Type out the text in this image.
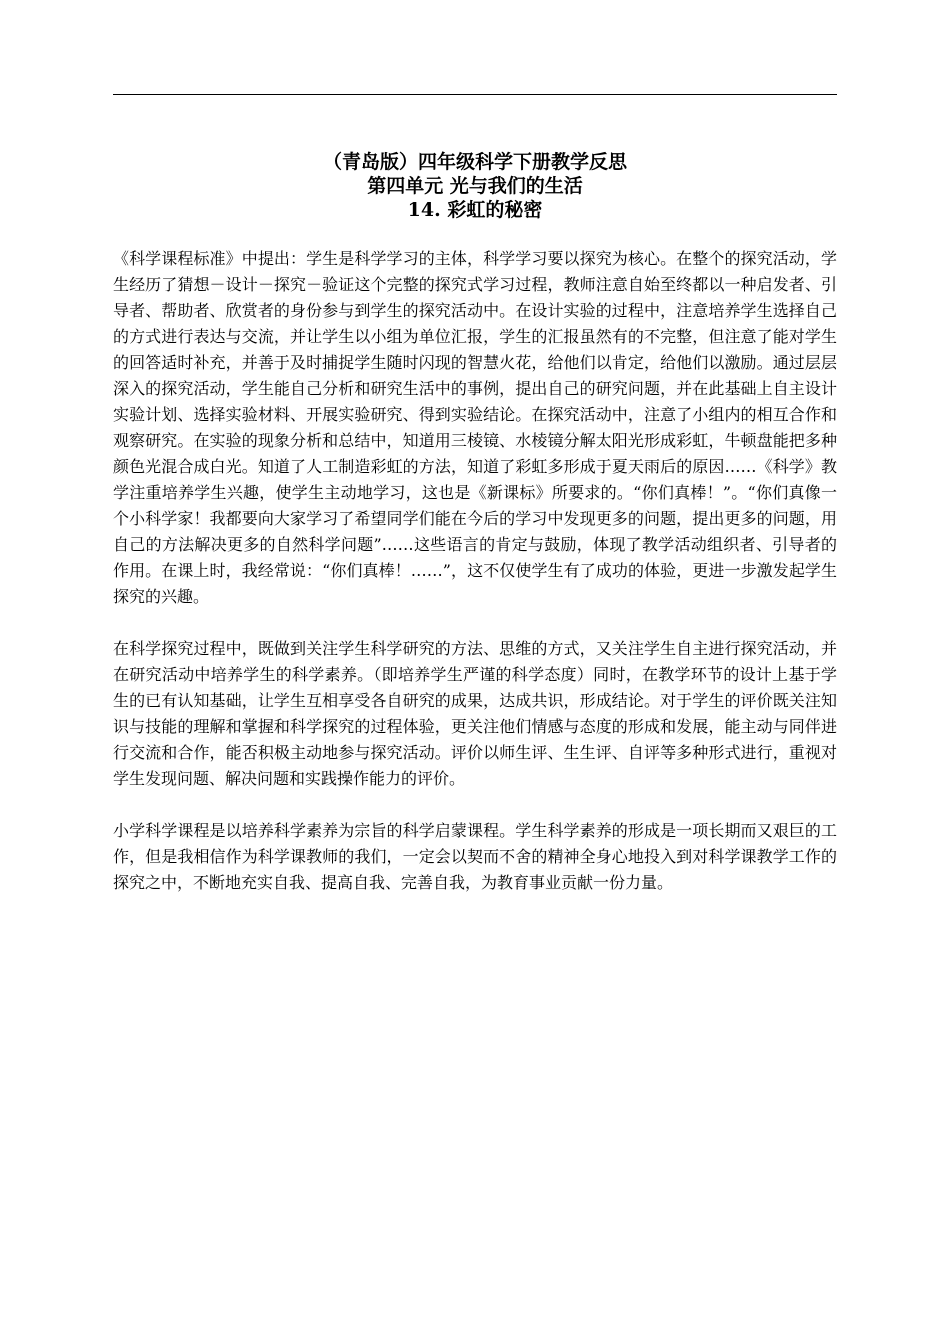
（青岛版）四年级科学下册教学反思
第四单元 光与我们的生活
14. 彩虹的秘密

《科学课程标准》中提出：学生是科学学习的主体，科学学习要以探究为核心。在整个的探究活动，学生经历了猜想－设计－探究－验证这个完整的探究式学习过程，教师注意自始至终都以一种启发者、引导者、帮助者、欣赏者的身份参与到学生的探究活动中。在设计实验的过程中，注意培养学生选择自己的方式进行表达与交流，并让学生以小组为单位汇报，学生的汇报虽然有的不完整，但注意了能对学生的回答适时补充，并善于及时捕捉学生随时闪现的智慧火花，给他们以肯定，给他们以激励。通过层层深入的探究活动，学生能自己分析和研究生活中的事例，提出自己的研究问题，并在此基础上自主设计实验计划、选择实验材料、开展实验研究、得到实验结论。在探究活动中，注意了小组内的相互合作和观察研究。在实验的现象分析和总结中，知道用三棱镜、水棱镜分解太阳光形成彩虹，牛顿盘能把多种颜色光混合成白光。知道了人工制造彩虹的方法，知道了彩虹多形成于夏天雨后的原因……《科学》教学注重培养学生兴趣，使学生主动地学习，这也是《新课标》所要求的。“你们真棒！”。“你们真像一个小科学家！我都要向大家学习了希望同学们能在今后的学习中发现更多的问题，提出更多的问题，用自己的方法解决更多的自然科学问题”……这些语言的肯定与鼓励，体现了教学活动组织者、引导者的作用。在课上时，我经常说：“你们真棒！……”，这不仅使学生有了成功的体验，更进一步激发起学生探究的兴趣。

在科学探究过程中，既做到关注学生科学研究的方法、思维的方式，又关注学生自主进行探究活动，并在研究活动中培养学生的科学素养。（即培养学生严谨的科学态度）同时，在教学环节的设计上基于学生的已有认知基础，让学生互相享受各自研究的成果，达成共识，形成结论。对于学生的评价既关注知识与技能的理解和掌握和科学探究的过程体验，更关注他们情感与态度的形成和发展，能主动与同伴进行交流和合作，能否积极主动地参与探究活动。评价以师生评、生生评、自评等多种形式进行，重视对学生发现问题、解决问题和实践操作能力的评价。

小学科学课程是以培养科学素养为宗旨的科学启蒙课程。学生科学素养的形成是一项长期而又艰巨的工作，但是我相信作为科学课教师的我们，一定会以契而不舍的精神全身心地投入到对科学课教学工作的探究之中，不断地充实自我、提高自我、完善自我，为教育事业贡献一份力量。
